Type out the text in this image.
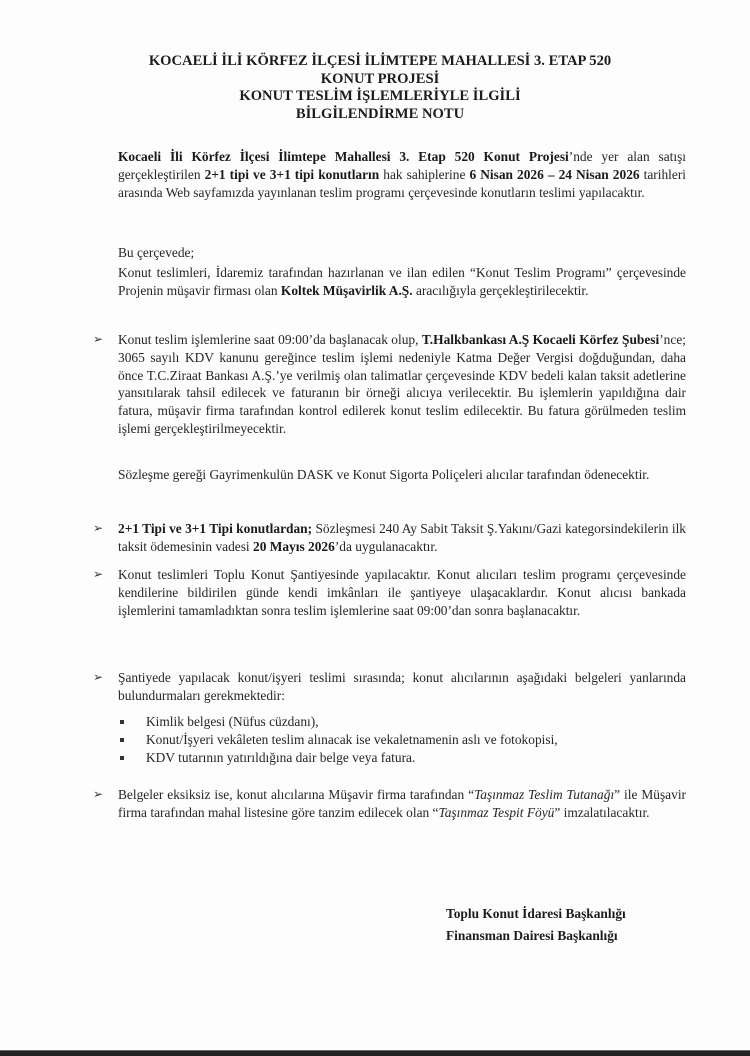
KOCAELİ İLİ KÖRFEZ İLÇESİ İLİMTEPE MAHALLESİ 3. ETAP 520
KONUT PROJESİ
KONUT TESLİM İŞLEMLERİYLE İLGİLİ
BİLGİLENDİRME NOTU
Kocaeli İli Körfez İlçesi İlimtepe Mahallesi 3. Etap 520 Konut Projesi’nde yer alan satışı gerçekleştirilen 2+1 tipi ve 3+1 tipi konutların hak sahiplerine 6 Nisan 2026 – 24 Nisan 2026 tarihleri arasında Web sayfamızda yayınlanan teslim programı çerçevesinde konutların teslimi yapılacaktır.
Bu çerçevede;
Konut teslimleri, İdaremiz tarafından hazırlanan ve ilan edilen “Konut Teslim Programı” çerçevesinde Projenin müşavir firması olan Koltek Müşavirlik A.Ş. aracılığıyla gerçekleştirilecektir.
➢ Konut teslim işlemlerine saat 09:00’da başlanacak olup, T.Halkbankası A.Ş Kocaeli Körfez Şubesi’nce; 3065 sayılı KDV kanunu gereğince teslim işlemi nedeniyle Katma Değer Vergisi doğduğundan, daha önce T.C.Ziraat Bankası A.Ş.’ye verilmiş olan talimatlar çerçevesinde KDV bedeli kalan taksit adetlerine yansıtılarak tahsil edilecek ve faturanın bir örneği alıcıya verilecektir. Bu işlemlerin yapıldığına dair fatura, müşavir firma tarafından kontrol edilerek konut teslim edilecektir. Bu fatura görülmeden teslim işlemi gerçekleştirilmeyecektir.
Sözleşme gereği Gayrimenkulün DASK ve Konut Sigorta Poliçeleri alıcılar tarafından ödenecektir.
➢ 2+1 Tipi ve 3+1 Tipi konutlardan; Sözleşmesi 240 Ay Sabit Taksit Ş.Yakını/Gazi kategorsindekilerin ilk taksit ödemesinin vadesi 20 Mayıs 2026’da uygulanacaktır.
➢ Konut teslimleri Toplu Konut Şantiyesinde yapılacaktır. Konut alıcıları teslim programı çerçevesinde kendilerine bildirilen günde kendi imkânları ile şantiyeye ulaşacaklardır. Konut alıcısı bankada işlemlerini tamamladıktan sonra teslim işlemlerine saat 09:00’dan sonra başlanacaktır.
➢ Şantiyede yapılacak konut/işyeri teslimi sırasında; konut alıcılarının aşağıdaki belgeleri yanlarında bulundurmaları gerekmektedir:
Kimlik belgesi (Nüfus cüzdanı),
Konut/İşyeri vekâleten teslim alınacak ise vekaletnamenin aslı ve fotokopisi,
KDV tutarının yatırıldığına dair belge veya fatura.
➢ Belgeler eksiksiz ise, konut alıcılarına Müşavir firma tarafından “Taşınmaz Teslim Tutanağı” ile Müşavir firma tarafından mahal listesine göre tanzim edilecek olan “Taşınmaz Tespit Föyü” imzalatılacaktır.
Toplu Konut İdaresi Başkanlığı
Finansman Dairesi Başkanlığı
